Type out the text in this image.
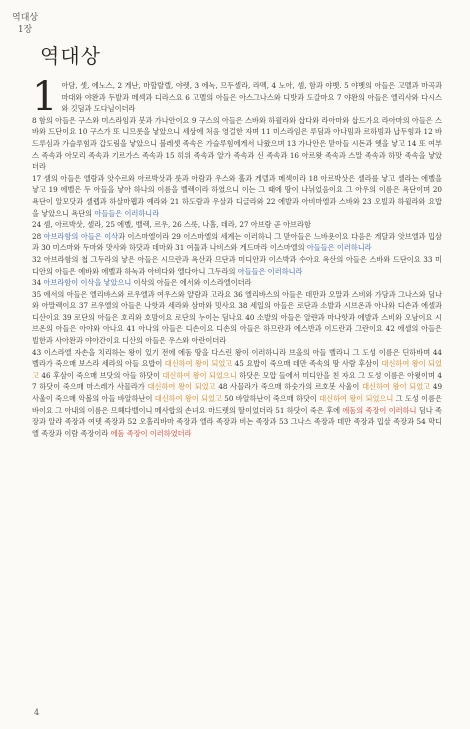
역대상
1장
역대상
1 아담, 셋, 에노스, 2 게난, 마할랄렐, 야렛, 3 에녹, 므두셀라, 라멕, 4 노아, 셈, 함과 야벳. 5 야벳의 아들은 고멜과 마곡과 마대와 야완과 두발과 메섹과 디라스요 6 고멜의 아들은 아스그나스와 디밧과 도갈마요 7 야완의 아들은 엘리사와 다시스와 깃딤과 도다님이더라

8 함의 아들은 구스와 미스라임과 붓과 가나안이요 9 구스의 아들은 스바와 하윌라와 삽다와 라아마와 삽드가요 라아마의 아들은 스바와 드단이요 10 구스가 또 니므롯을 낳았으니 세상에 처음 영걸한 자며 11 미스라임은 루딤과 아나밈과 르하빔과 납두힘과 12 바드루심과 가슬루힘과 갑도림을 낳았으니 블레셋 족속은 가슬루힘에게서 나왔으며 13 가나안은 맏아들 시돈과 헷을 낳고 14 또 여부스 족속과 아모리 족속과 기르가스 족속과 15 히위 족속과 알가 족속과 신 족속과 16 아르왓 족속과 스말 족속과 하맛 족속을 낳았더라

17 셈의 아들은 엘람과 앗수르와 아르박삿과 룻과 아람과 우스와 훌과 게델과 메섹이라 18 아르박삿은 셀라를 낳고 셀라는 에벨을 낳고 19 에벨은 두 아들을 낳아 하나의 이름을 벨렉이라 하였으니 이는 그 때에 땅이 나뉘었음이요 그 아우의 이름은 욕단이며 20 욕단이 알모닷과 셀렙과 하살마웹과 예라와 21 하도람과 우살과 디글라와 22 에발과 아비마엘과 스바와 23 오빌과 하윌라와 요밥을 낳았으니 욕단의 아들들은 이러하니라

24 셈, 아르박삿, 셀라, 25 에벨, 벨렉, 르우, 26 스룩, 나홀, 데라, 27 아브람 곧 아브라함

28 아브라함의 아들은 이삭과 이스마엘이라 29 이스마엘의 세계는 이러하니 그 맏아들은 느바욧이요 다음은 게달과 앗브엘과 밉삼과 30 미스마와 두마와 맛사와 하닷과 데마와 31 여둘과 나비스와 게드마라 이스마엘의 아들들은 이러하니라

32 아브라함의 첩 그두라의 낳은 아들은 시므란과 욕산과 므단과 미디안과 이스박과 수아요 욕산의 아들은 스바와 드단이요 33 미디안의 아들은 에바와 에벨과 하녹과 아비다와 엘다아니 그두라의 아들들은 이러하니라

34 아브라함이 이삭을 낳았으니 이삭의 아들은 에서와 이스라엘이더라

35 에서의 아들은 엘리바스와 르우엘과 여우스와 얄람과 고라요 36 엘리바스의 아들은 데만과 오말과 스비와 가담과 그나스와 딤나와 아말렉이요 37 르우엘의 아들은 나핫과 세라와 삼마와 밋사요 38 세일의 아들은 로단과 소발과 시브온과 아나와 디손과 에셀과 디산이요 39 로단의 아들은 호리와 호맘이요 로단의 누이는 딤나요 40 소발의 아들은 알랸과 마나핫과 에발과 스비와 오남이요 시브온의 아들은 아야와 아나요 41 아나의 아들은 디손이요 디손의 아들은 하므란과 에스반과 이드란과 그란이요 42 에셀의 아들은 빌한과 사아완과 야아간이요 디산의 아들은 우스와 아란이더라

43 이스라엘 자손을 치리하는 왕이 있기 전에 에돔 땅을 다스린 왕이 이러하니라 브올의 아들 벨라니 그 도성 이름은 딘하바며 44 벨라가 죽으매 보스라 세라의 아들 요밥이 대신하여 왕이 되었고 45 요밥이 죽으매 데만 족속의 땅 사람 후삼이 대신하여 왕이 되었고 46 후삼이 죽으매 브닷의 아들 하닷이 대신하여 왕이 되었으니 하닷은 모압 들에서 미디안을 친 자요 그 도성 이름은 아윗이며 47 하닷이 죽으매 마스레가 사믈라가 대신하여 왕이 되었고 48 사믈라가 죽으매 하숫가의 르호봇 사울이 대신하여 왕이 되었고 49 사울이 죽으매 악볼의 아들 바알하난이 대신하여 왕이 되었고 50 바알하난이 죽으매 하닷이 대신하여 왕이 되었으니 그 도성 이름은 바이요 그 아내의 이름은 므헤다벨이니 메사합의 손녀요 마드렛의 딸이었더라 51 하닷이 죽은 후에 에돔의 족장이 이러하니 딤나 족장과 알랴 족장과 여뎃 족장과 52 오홀리바마 족장과 엘라 족장과 비논 족장과 53 그나스 족장과 데만 족장과 밉살 족장과 54 막디엘 족장과 이람 족장이라 에돔 족장이 이러하였더라

4
